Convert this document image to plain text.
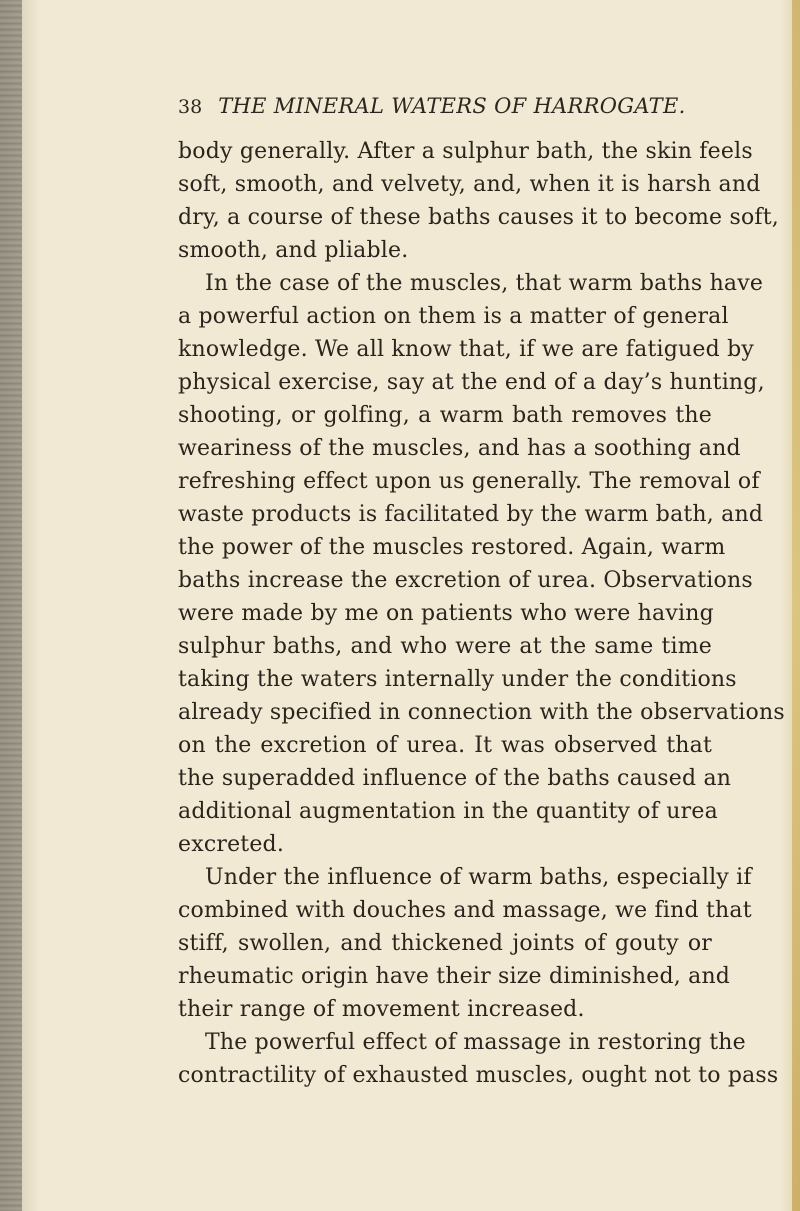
38 THE MINERAL WATERS OF HARROGATE.
body generally. After a sulphur bath, the skin feels
soft, smooth, and velvety, and, when it is harsh and
dry, a course of these baths causes it to become soft,
smooth, and pliable.
In the case of the muscles, that warm baths have
a powerful action on them is a matter of general
knowledge. We all know that, if we are fatigued by
physical exercise, say at the end of a day’s hunting,
shooting, or golfing, a warm bath removes the
weariness of the muscles, and has a soothing and
refreshing effect upon us generally. The removal of
waste products is facilitated by the warm bath, and
the power of the muscles restored. Again, warm
baths increase the excretion of urea. Observations
were made by me on patients who were having
sulphur baths, and who were at the same time
taking the waters internally under the conditions
already specified in connection with the observations
on the excretion of urea. It was observed that
the superadded influence of the baths caused an
additional augmentation in the quantity of urea
excreted.
Under the influence of warm baths, especially if
combined with douches and massage, we find that
stiff, swollen, and thickened joints of gouty or
rheumatic origin have their size diminished, and
their range of movement increased.
The powerful effect of massage in restoring the
contractility of exhausted muscles, ought not to pass
